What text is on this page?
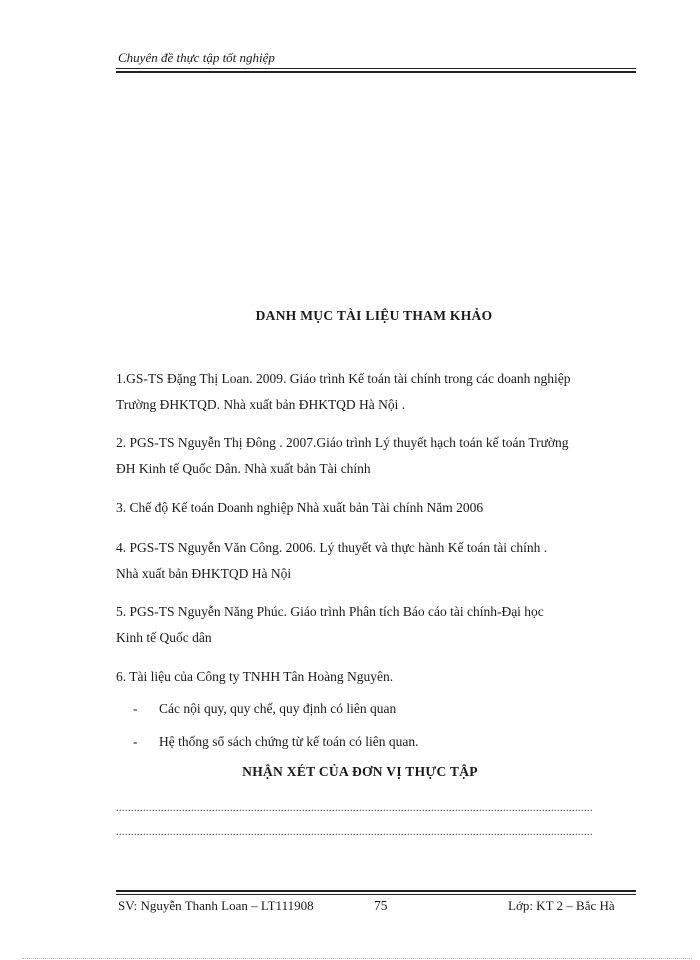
Chuyên đề thực tập tốt nghiệp
DANH MỤC TÀI LIỆU THAM KHẢO
1.GS-TS Đặng Thị Loan. 2009. Giáo trình Kế toán tài chính trong các doanh nghiệp
Trường ĐHKTQD. Nhà xuất bản ĐHKTQD Hà Nội .
2. PGS-TS Nguyễn Thị Đông . 2007.Giáo trình Lý thuyết hạch toán kế toán Trường
ĐH Kinh tế Quốc Dân. Nhà xuất bản Tài chính
3. Chế độ Kế toán Doanh nghiệp Nhà xuất bản Tài chính Năm 2006
4. PGS-TS Nguyễn Văn Công. 2006. Lý thuyết và thực hành Kế toán tài chính .
Nhà xuất bản ĐHKTQD Hà Nội
5. PGS-TS Nguyễn Năng Phúc. Giáo trình Phân tích Báo cáo tài chính-Đại học
Kinh tế Quốc dân
6. Tài liệu của Công ty TNHH Tân Hoàng Nguyên.
- Các nội quy, quy chế, quy định có liên quan
- Hệ thống sổ sách chứng từ kế toán có liên quan.
NHẬN XÉT CỦA ĐƠN VỊ THỰC TẬP
...............................................................................................................................................................
...............................................................................................................................................................
SV: Nguyễn Thanh Loan – LT111908	75	Lớp: KT 2 – Bắc Hà
